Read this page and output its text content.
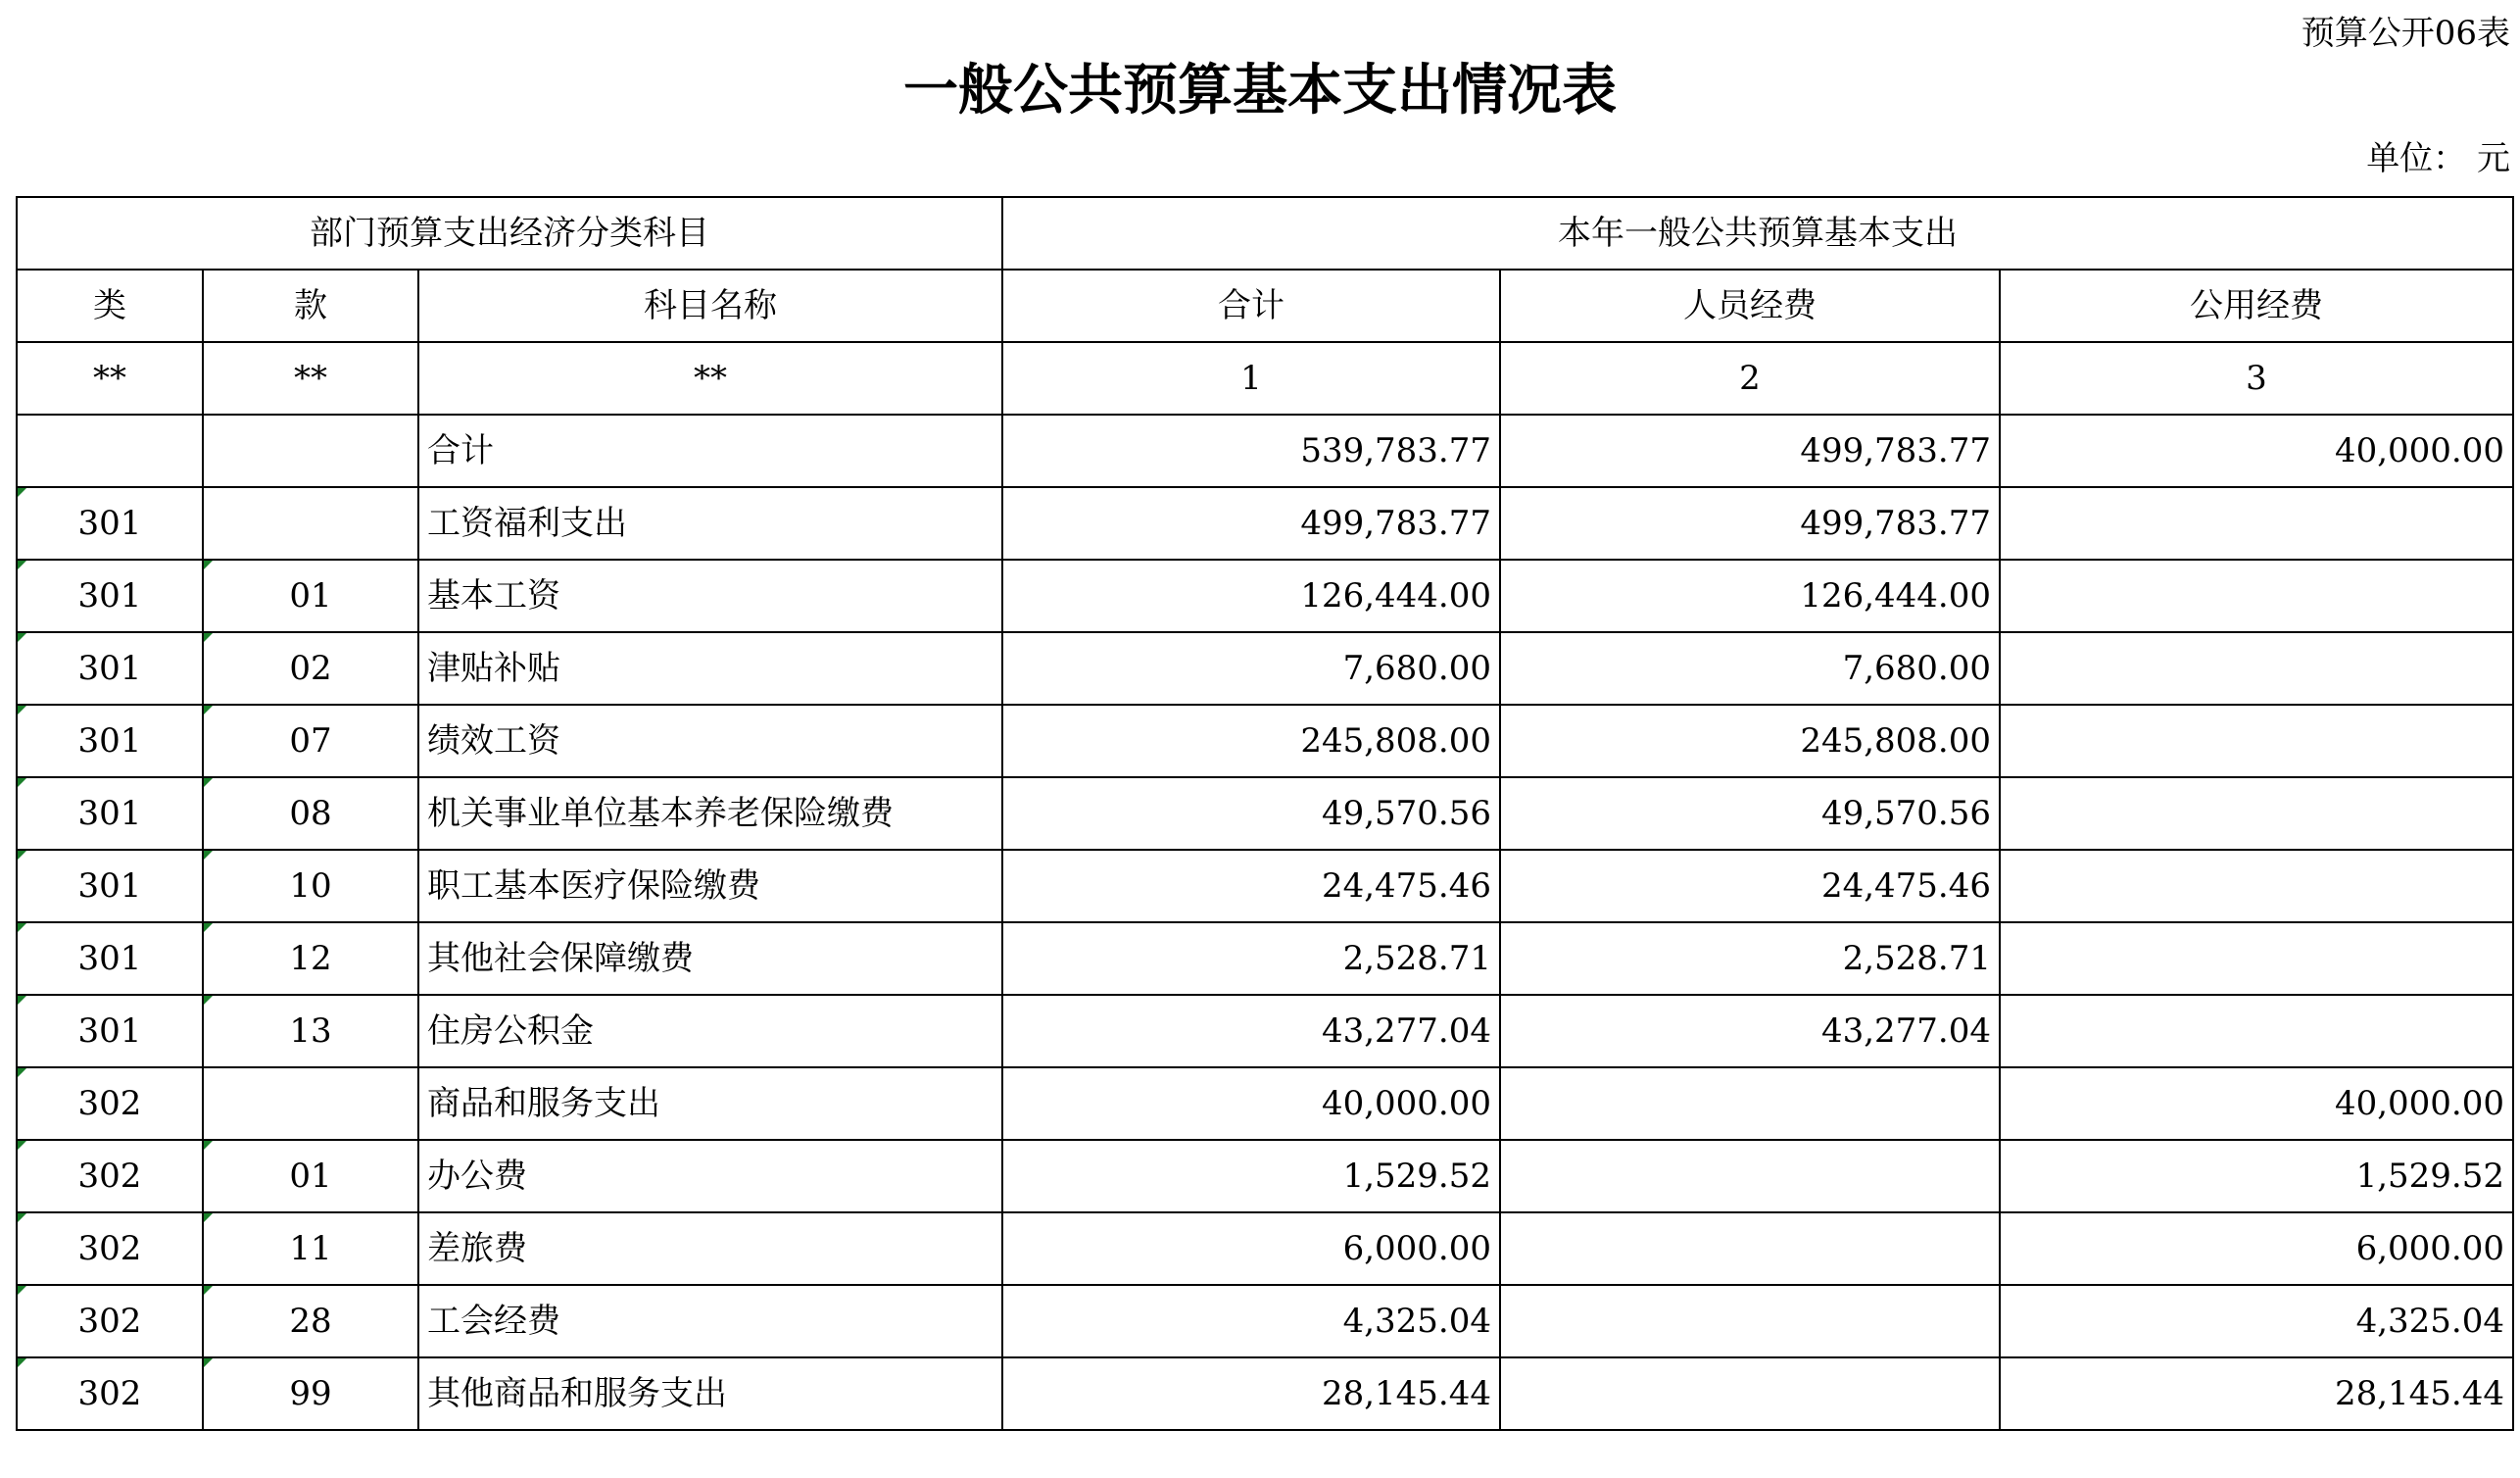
预算公开06表
一般公共预算基本支出情况表
单位： 元
部门预算支出经济分类科目			本年一般公共预算基本支出		
类	款	科目名称	合计	人员经费	公用经费
**	**	**	1	2	3
		合计	539,783.77	499,783.77	40,000.00
301		工资福利支出	499,783.77	499,783.77	
301	01	基本工资	126,444.00	126,444.00	
301	02	津贴补贴	7,680.00	7,680.00	
301	07	绩效工资	245,808.00	245,808.00	
301	08	机关事业单位基本养老保险缴费	49,570.56	49,570.56	
301	10	职工基本医疗保险缴费	24,475.46	24,475.46	
301	12	其他社会保障缴费	2,528.71	2,528.71	
301	13	住房公积金	43,277.04	43,277.04	
302		商品和服务支出	40,000.00		40,000.00
302	01	办公费	1,529.52		1,529.52
302	11	差旅费	6,000.00		6,000.00
302	28	工会经费	4,325.04		4,325.04
302	99	其他商品和服务支出	28,145.44		28,145.44
